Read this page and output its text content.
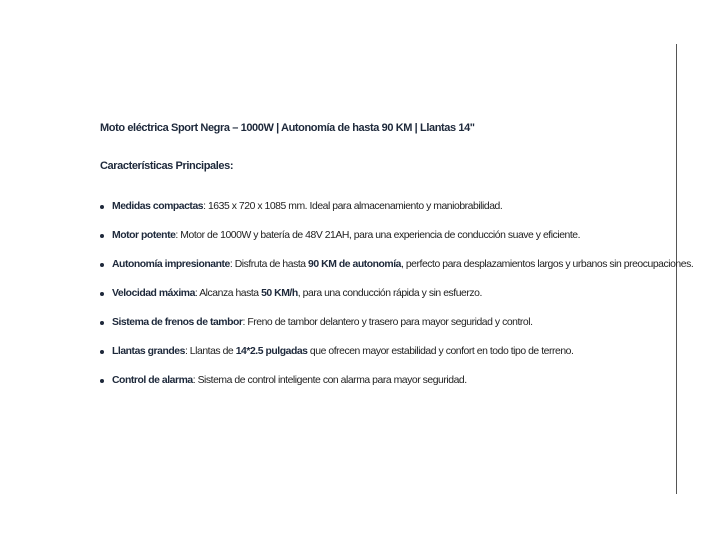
Moto eléctrica Sport Negra – 1000W | Autonomía de hasta 90 KM | Llantas 14"

Características Principales:

Medidas compactas: 1635 x 720 x 1085 mm. Ideal para almacenamiento y maniobrabilidad.
Motor potente: Motor de 1000W y batería de 48V 21AH, para una experiencia de conducción suave y eficiente.
Autonomía impresionante: Disfruta de hasta 90 KM de autonomía, perfecto para desplazamientos largos y urbanos sin preocupaciones.
Velocidad máxima: Alcanza hasta 50 KM/h, para una conducción rápida y sin esfuerzo.
Sistema de frenos de tambor: Freno de tambor delantero y trasero para mayor seguridad y control.
Llantas grandes: Llantas de 14*2.5 pulgadas que ofrecen mayor estabilidad y confort en todo tipo de terreno.
Control de alarma: Sistema de control inteligente con alarma para mayor seguridad.
